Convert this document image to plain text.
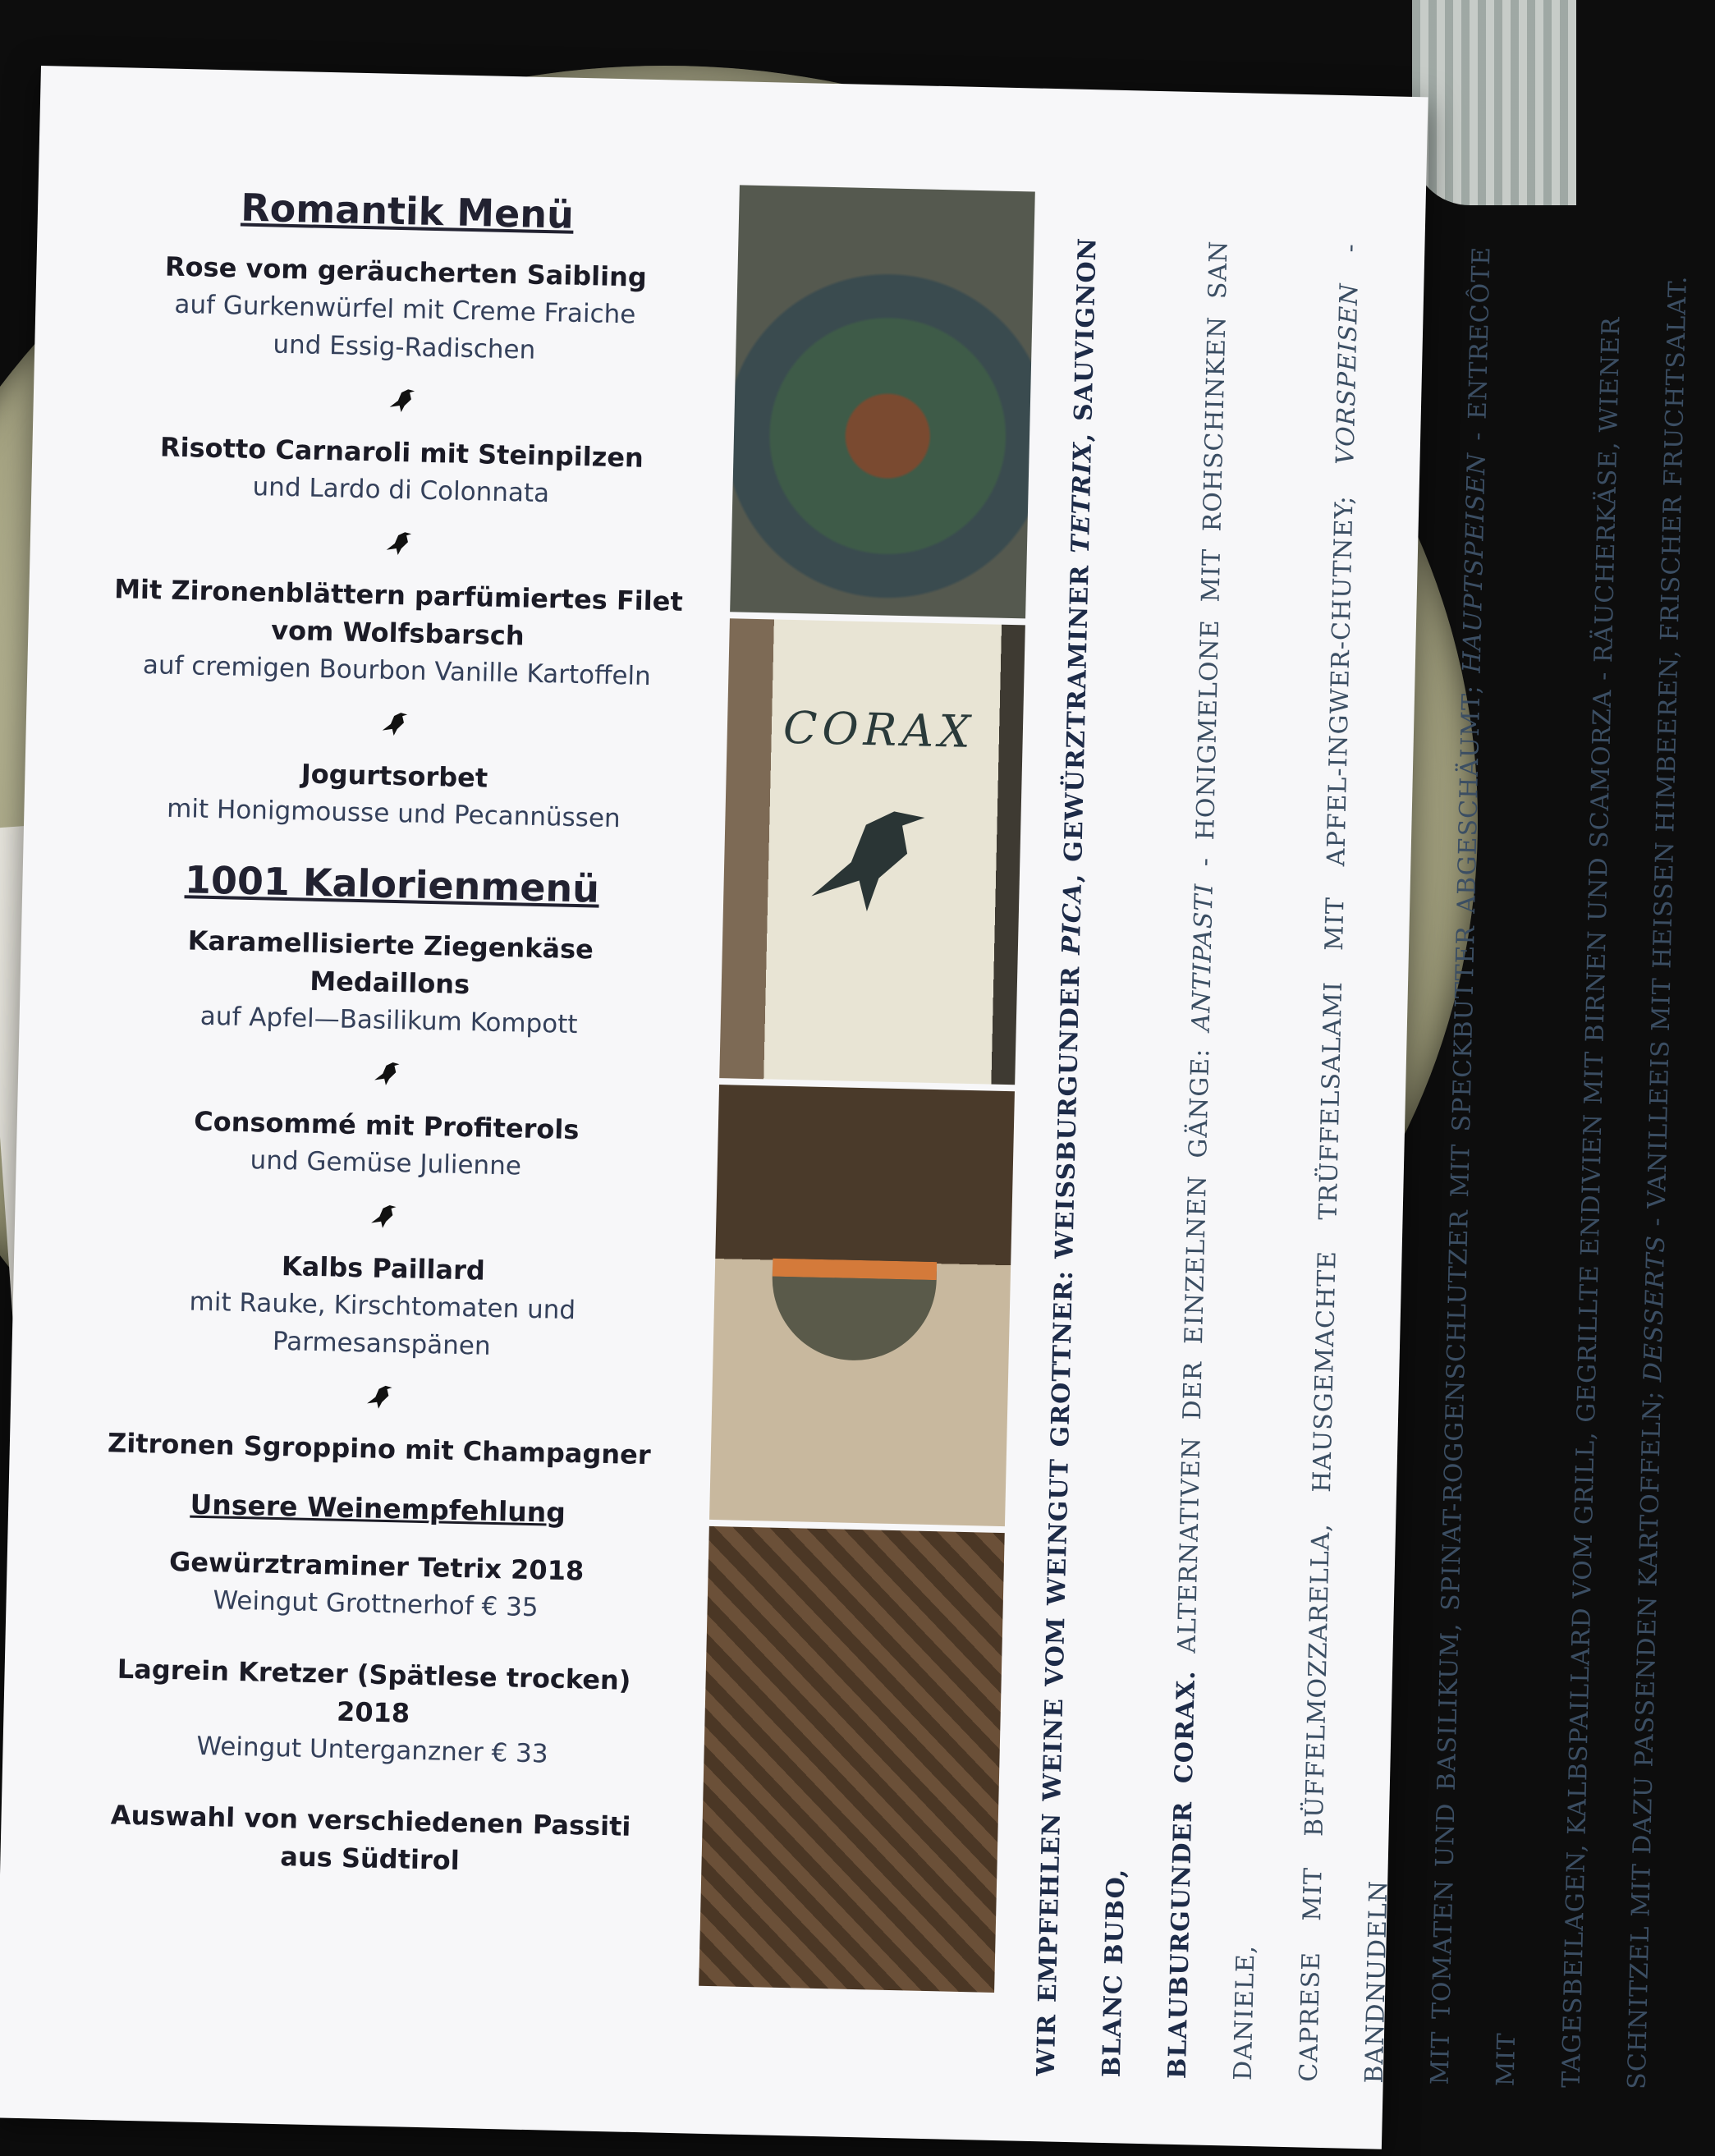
Romantik Menü

Rose vom geräucherten Saibling

auf Gurkenwürfel mit Creme Fraiche

und Essig-Radischen

Risotto Carnaroli mit Steinpilzen

und Lardo di Colonnata

Mit Zironenblättern parfümiertes Filet

vom Wolfsbarsch

auf cremigen Bourbon Vanille Kartoffeln

Jogurtsorbet

mit Honigmousse und Pecannüssen

1001 Kalorienmenü

Karamellisierte Ziegenkäse

Medaillons

auf Apfel—Basilikum Kompott

Consommé mit Profiterols

und Gemüse Julienne

Kalbs Paillard

mit Rauke, Kirschtomaten und

Parmesanspänen

Zitronen Sgroppino mit Champagner

Unsere Weinempfehlung

Gewürztraminer Tetrix 2018

Weingut Grottnerhof € 35

Lagrein Kretzer (Spätlese trocken)

2018

Weingut Unterganzner € 33

Auswahl von verschiedenen Passiti

aus Südtirol

CORAX

WIR EMPFEHLEN WEINE VOM WEINGUT GROTTNER: WEISSBURGUNDER PICA, GEWÜRZTRAMINER TETRIX, SAUVIGNON BLANC BUBO,	BLAUBURGUNDER CORAX. ALTERNATIVEN DER EINZELNEN GÄNGE: ANTIPASTI - HONIGMELONE MIT ROHSCHINKEN SAN DANIELE,	CAPRESE MIT BÜFFELMOZZARELLA, HAUSGEMACHTE TRÜFFELSALAMI MIT APFEL-INGWER-CHUTNEY; VORSPEISEN - BANDNUDELN	MIT TOMATEN UND BASILIKUM, SPINAT-ROGGENSCHLUTZER MIT SPECKBUTTER ABGESCHÄUMT; HAUPTSPEISEN - ENTRECÔTE MIT	TAGESBEILAGEN, KALBSPAILLARD VOM GRILL, GEGRILLTE ENDIVIEN MIT BIRNEN UND SCAMORZA - RÄUCHERKÄSE, WIENER

SCHNITZEL MIT DAZU PASSENDEN KARTOFFELN; DESSERTS - VANILLEEIS MIT HEISSEN HIMBEEREN, FRISCHER FRUCHTSALAT.
